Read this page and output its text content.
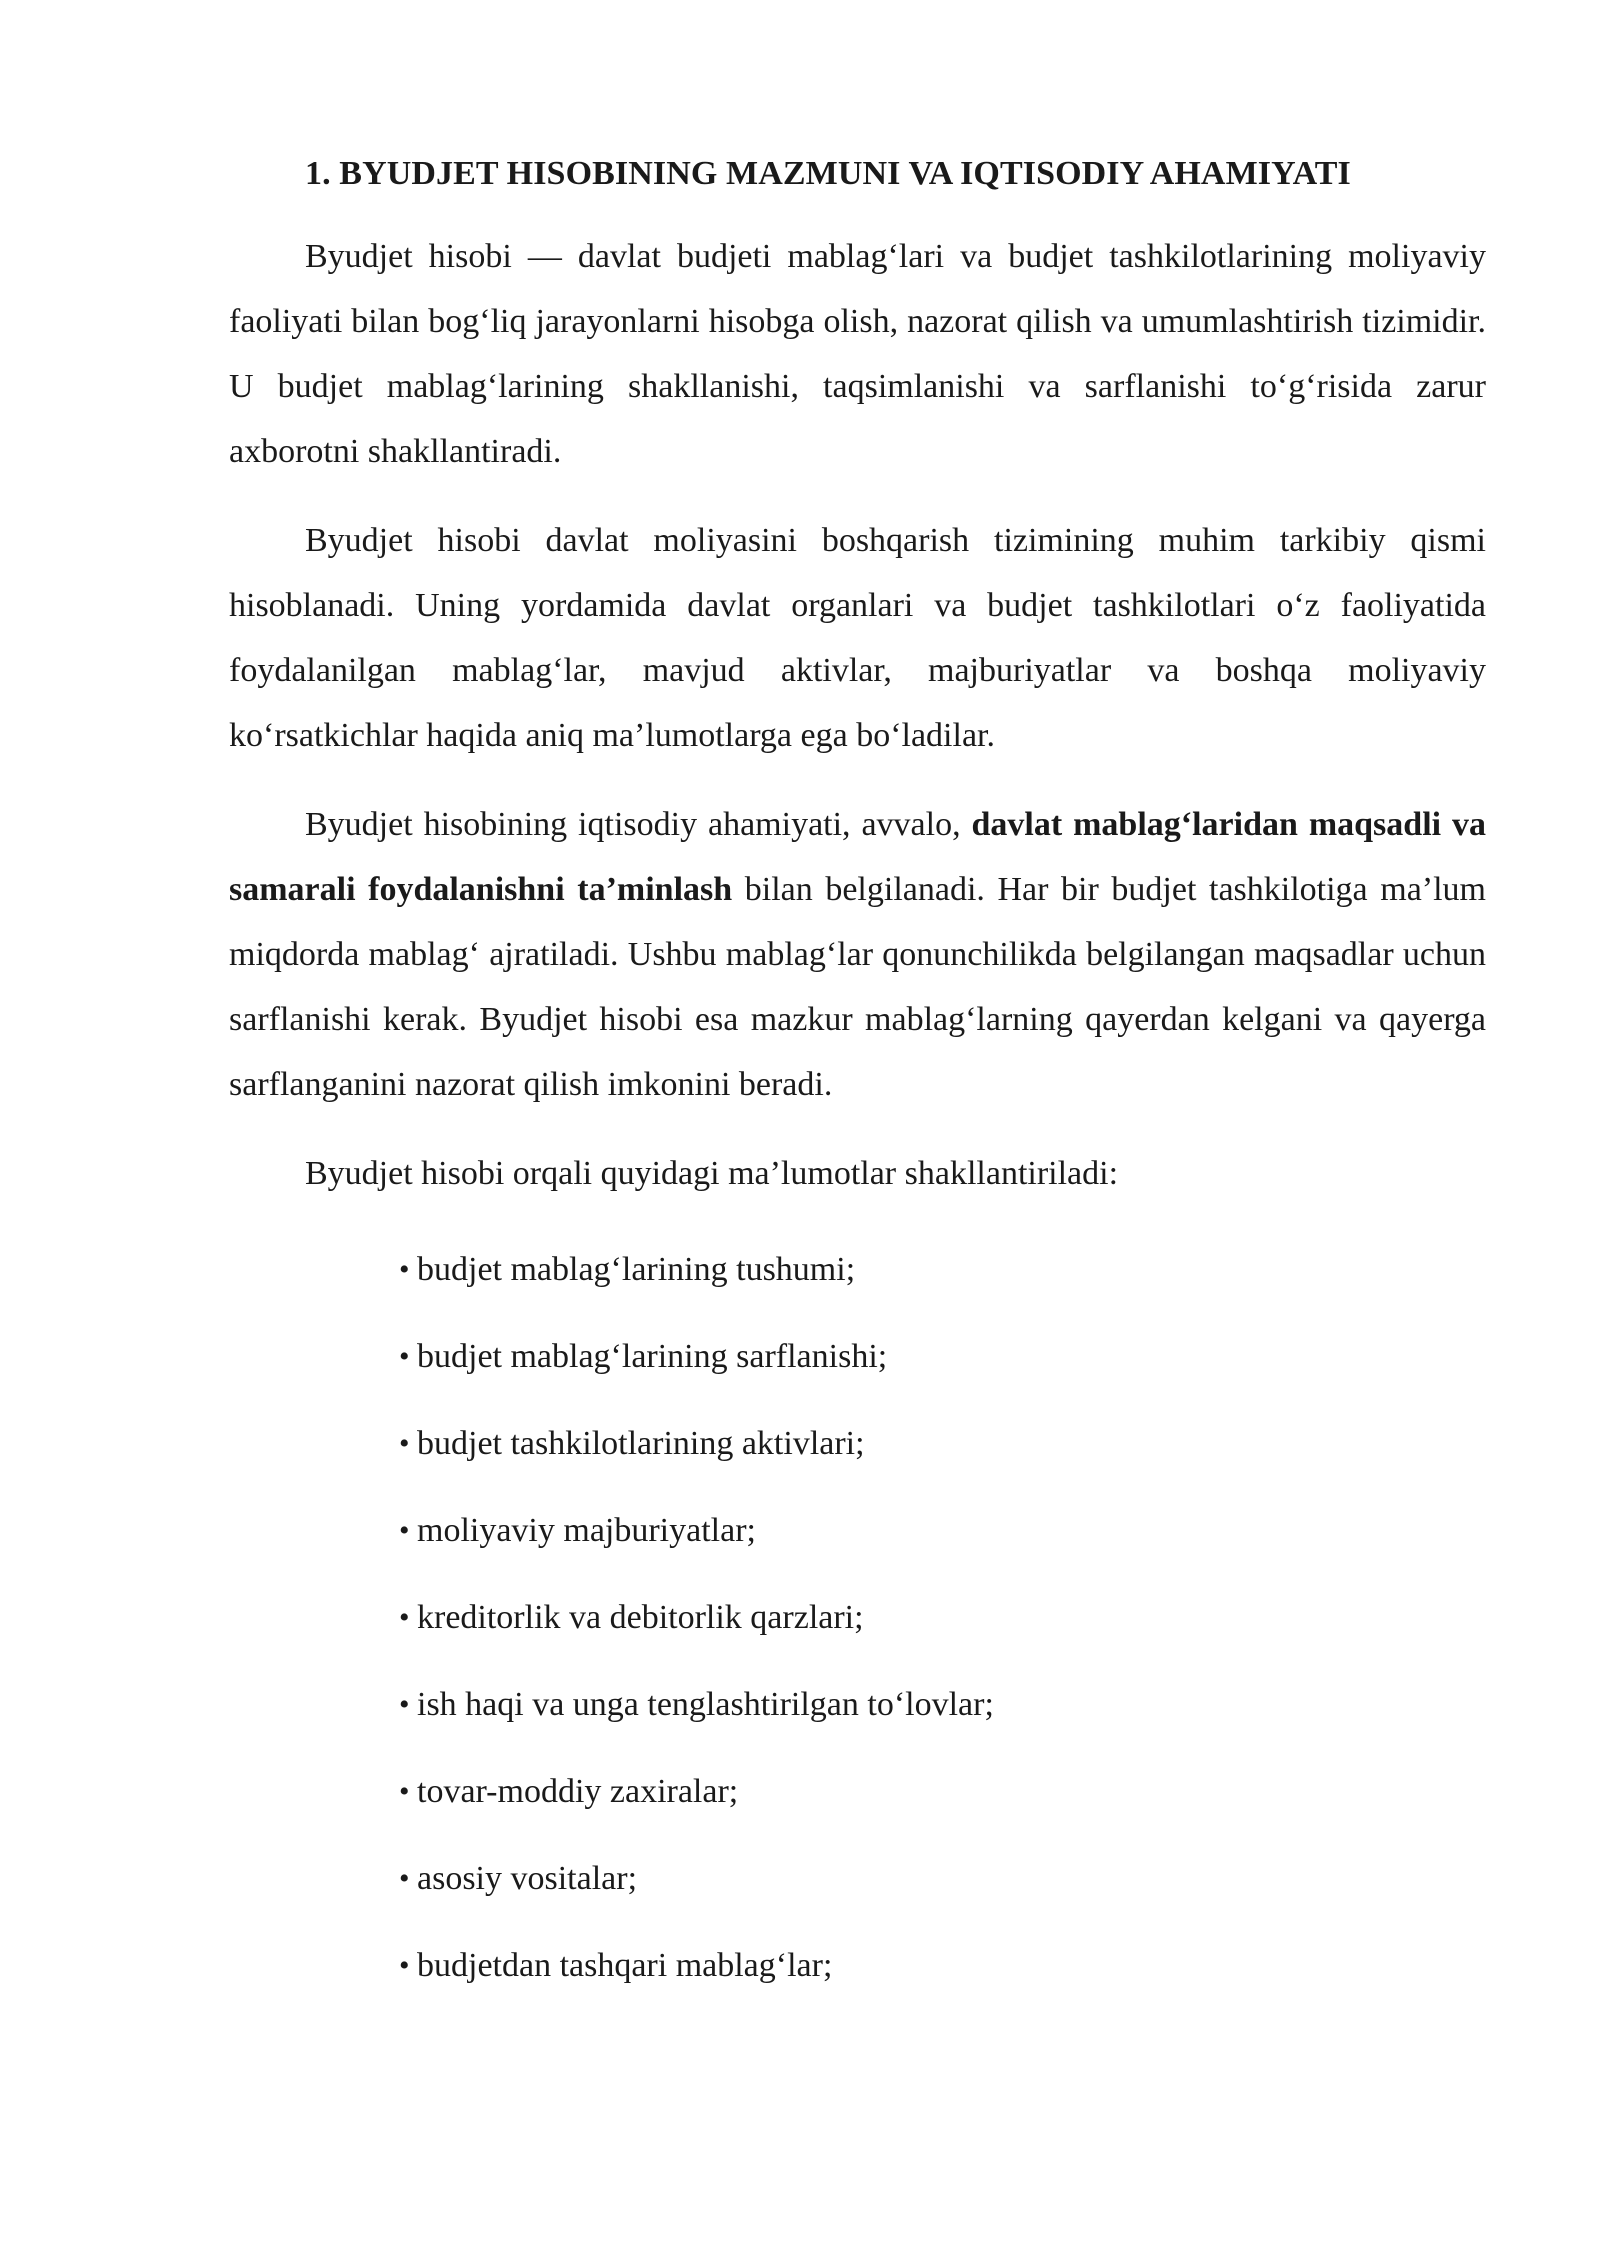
1. BYUDJET HISOBINING MAZMUNI VA IQTISODIY AHAMIYATI

Byudjet hisobi — davlat budjeti mablag‘lari va budjet tashkilotlarining moliyaviy faoliyati bilan bog‘liq jarayonlarni hisobga olish, nazorat qilish va umumlashtirish tizimidir. U budjet mablag‘larining shakllanishi, taqsimlanishi va sarflanishi to‘g‘risida zarur axborotni shakllantiradi.

Byudjet hisobi davlat moliyasini boshqarish tizimining muhim tarkibiy qismi hisoblanadi. Uning yordamida davlat organlari va budjet tashkilotlari o‘z faoliyatida foydalanilgan mablag‘lar, mavjud aktivlar, majburiyatlar va boshqa moliyaviy ko‘rsatkichlar haqida aniq ma’lumotlarga ega bo‘ladilar.

Byudjet hisobining iqtisodiy ahamiyati, avvalo, davlat mablag‘laridan maqsadli va samarali foydalanishni ta’minlash bilan belgilanadi. Har bir budjet tashkilotiga ma’lum miqdorda mablag‘ ajratiladi. Ushbu mablag‘lar qonunchilikda belgilangan maqsadlar uchun sarflanishi kerak. Byudjet hisobi esa mazkur mablag‘larning qayerdan kelgani va qayerga sarflanganini nazorat qilish imkonini beradi.

Byudjet hisobi orqali quyidagi ma’lumotlar shakllantiriladi:

• budjet mablag‘larining tushumi;
• budjet mablag‘larining sarflanishi;
• budjet tashkilotlarining aktivlari;
• moliyaviy majburiyatlar;
• kreditorlik va debitorlik qarzlari;
• ish haqi va unga tenglashtirilgan to‘lovlar;
• tovar-moddiy zaxiralar;
• asosiy vositalar;
• budjetdan tashqari mablag‘lar;
